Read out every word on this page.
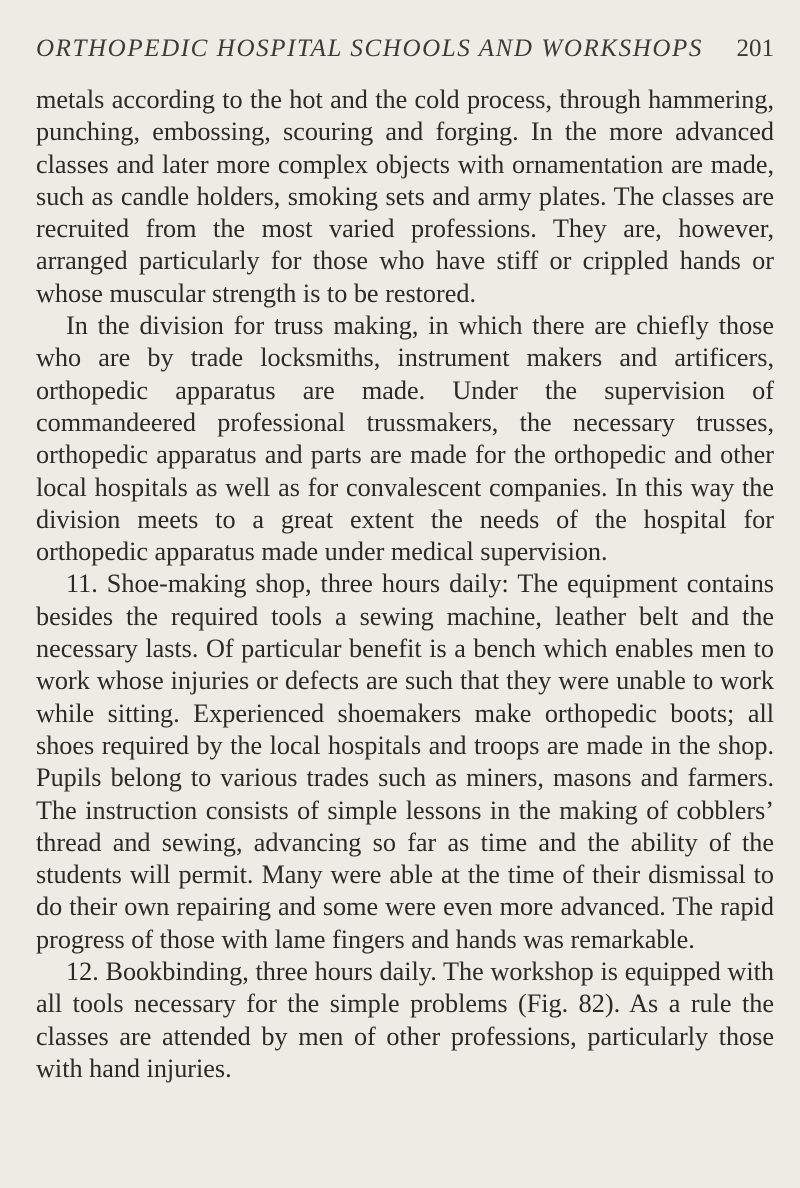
ORTHOPEDIC HOSPITAL SCHOOLS AND WORKSHOPS 201

metals according to the hot and the cold process, through hammering, punching, embossing, scouring and forging. In the more advanced classes and later more complex objects with ornamentation are made, such as candle holders, smoking sets and army plates. The classes are recruited from the most varied professions. They are, however, arranged particularly for those who have stiff or crippled hands or whose muscular strength is to be restored.

In the division for truss making, in which there are chiefly those who are by trade locksmiths, instrument makers and artificers, orthopedic apparatus are made. Under the supervision of commandeered professional trussmakers, the necessary trusses, orthopedic apparatus and parts are made for the orthopedic and other local hospitals as well as for convalescent companies. In this way the division meets to a great extent the needs of the hospital for orthopedic apparatus made under medical supervision.

11. Shoe-making shop, three hours daily: The equipment contains besides the required tools a sewing machine, leather belt and the necessary lasts. Of particular benefit is a bench which enables men to work whose injuries or defects are such that they were unable to work while sitting. Experienced shoemakers make orthopedic boots; all shoes required by the local hospitals and troops are made in the shop. Pupils belong to various trades such as miners, masons and farmers. The instruction consists of simple lessons in the making of cobblers’ thread and sewing, advancing so far as time and the ability of the students will permit. Many were able at the time of their dismissal to do their own repairing and some were even more advanced. The rapid progress of those with lame fingers and hands was remarkable.

12. Bookbinding, three hours daily. The workshop is equipped with all tools necessary for the simple problems (Fig. 82). As a rule the classes are attended by men of other professions, particularly those with hand injuries.
